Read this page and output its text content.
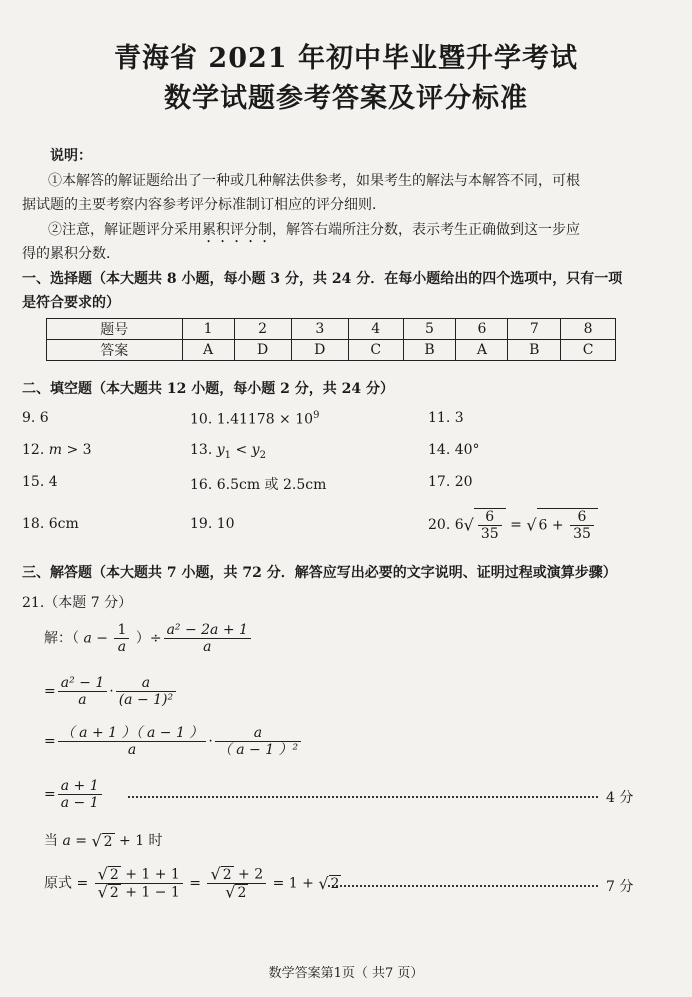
青海省 2021 年初中毕业暨升学考试
数学试题参考答案及评分标准
说明：
①本解答的解证题给出了一种或几种解法供参考，如果考生的解法与本解答不同，可根
据试题的主要考察内容参考评分标准制订相应的评分细则．
②注意，解证题评分采用累积评分制，解答右端所注分数，表示考生正确做到这一步应
得的累积分数．
一、选择题（本大题共 8 小题，每小题 3 分，共 24 分．在每小题给出的四个选项中，只有一项
是符合要求的）
题号	1	2	3	4	5	6	7	8
答案	A	D	D	C	B	A	B	C
二、填空题（本大题共 12 小题，每小题 2 分，共 24 分）
9. 6	10. $1.41178 \times 10^9$	11. 3
12. m > 3	13. $y_1 < y_2$	14. 40°
15. 4	16. 6.5cm 或 2.5cm	17. 20
18. 6cm	19. 10	20. $6√ \frac{6}{35}$ = √ $6 + \frac{6}{35}$
三、解答题（本大题共 7 小题，共 72 分．解答应写出必要的文字说明、证明过程或演算步骤）
21.（本题 7 分）
解：（ $a - \frac{1}{a}$ ）÷ $\frac{\text{a² − 2a + 1}}{a}$
= $\frac{\text{a² − 1}}{a} \cdot \frac{a}{\text{(a − 1)²}}$
= $\frac{( a + 1 )( a - 1 )}{a} \cdot \frac{a}{\text{（ a − 1 ）²}}$
= $\frac{a + 1}{a - 1}$	4 分
当 a = √ 2 + 1 时
原式 = $\frac{√ 2 + 1 + 1}{√ 2 + 1 - 1} = \frac{√ 2 + 2}{√ 2} = 1$ + √ 2	7 分
数学答案第1页（ 共7 页）
